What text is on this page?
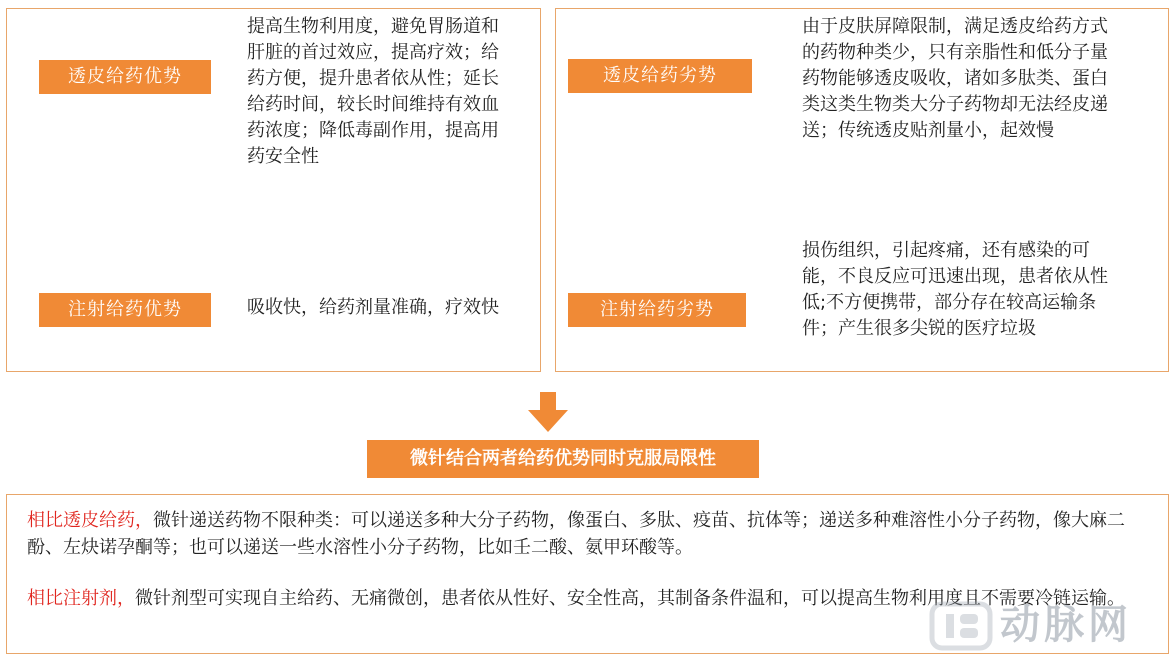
透皮给药优势

提高生物利用度，避免胃肠道和肝脏的首过效应，提高疗效；给药方便，提升患者依从性；延长给药时间，较长时间维持有效血药浓度；降低毒副作用，提高用药安全性

注射给药优势	吸收快，给药剂量准确，疗效快

透皮给药劣势

由于皮肤屏障限制，满足透皮给药方式的药物种类少，只有亲脂性和低分子量药物能够透皮吸收，诸如多肽类、蛋白类这类生物类大分子药物却无法经皮递送；传统透皮贴剂量小，起效慢

注射给药劣势

损伤组织，引起疼痛，还有感染的可能，不良反应可迅速出现，患者依从性低;不方便携带，部分存在较高运输条件；产生很多尖锐的医疗垃圾

微针结合两者给药优势同时克服局限性

相比透皮给药，微针递送药物不限种类：可以递送多种大分子药物，像蛋白、多肽、疫苗、抗体等；递送多种难溶性小分子药物，像大麻二酚、左炔诺孕酮等；也可以递送一些水溶性小分子药物，比如壬二酸、氨甲环酸等。

相比注射剂，微针剂型可实现自主给药、无痛微创，患者依从性好、安全性高，其制备条件温和，可以提高生物利用度且不需要冷链运输。

动脉网
